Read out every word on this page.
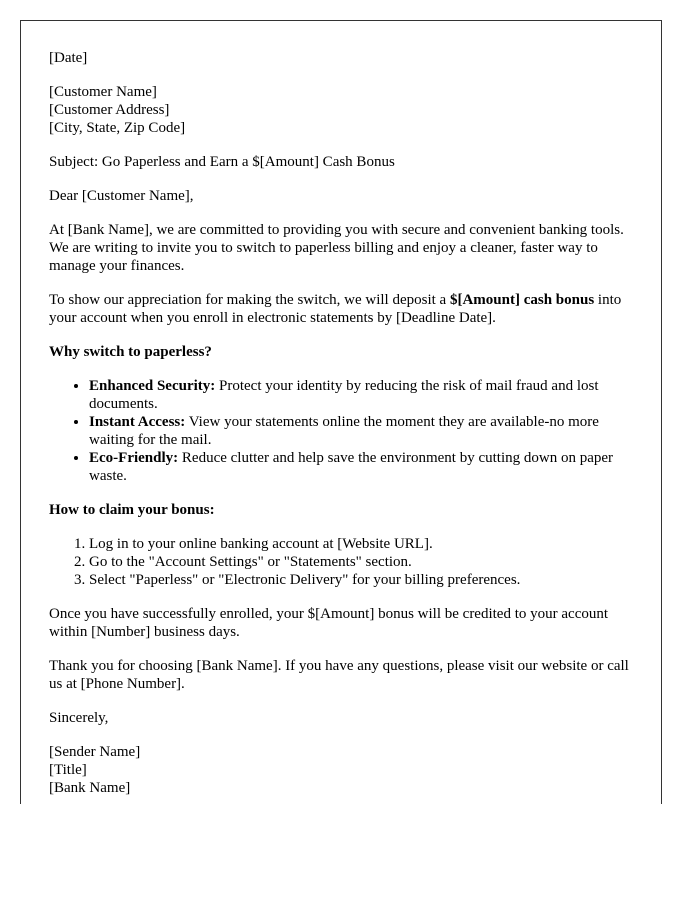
[Date]

[Customer Name]
[Customer Address]
[City, State, Zip Code]

Subject: Go Paperless and Earn a $[Amount] Cash Bonus

Dear [Customer Name],

At [Bank Name], we are committed to providing you with secure and convenient banking tools. We are writing to invite you to switch to paperless billing and enjoy a cleaner, faster way to manage your finances.

To show our appreciation for making the switch, we will deposit a $[Amount] cash bonus into your account when you enroll in electronic statements by [Deadline Date].

Why switch to paperless?

• Enhanced Security: Protect your identity by reducing the risk of mail fraud and lost documents.
• Instant Access: View your statements online the moment they are available-no more waiting for the mail.
• Eco-Friendly: Reduce clutter and help save the environment by cutting down on paper waste.

How to claim your bonus:

1. Log in to your online banking account at [Website URL].
2. Go to the "Account Settings" or "Statements" section.
3. Select "Paperless" or "Electronic Delivery" for your billing preferences.

Once you have successfully enrolled, your $[Amount] bonus will be credited to your account within [Number] business days.

Thank you for choosing [Bank Name]. If you have any questions, please visit our website or call us at [Phone Number].

Sincerely,

[Sender Name]
[Title]
[Bank Name]
